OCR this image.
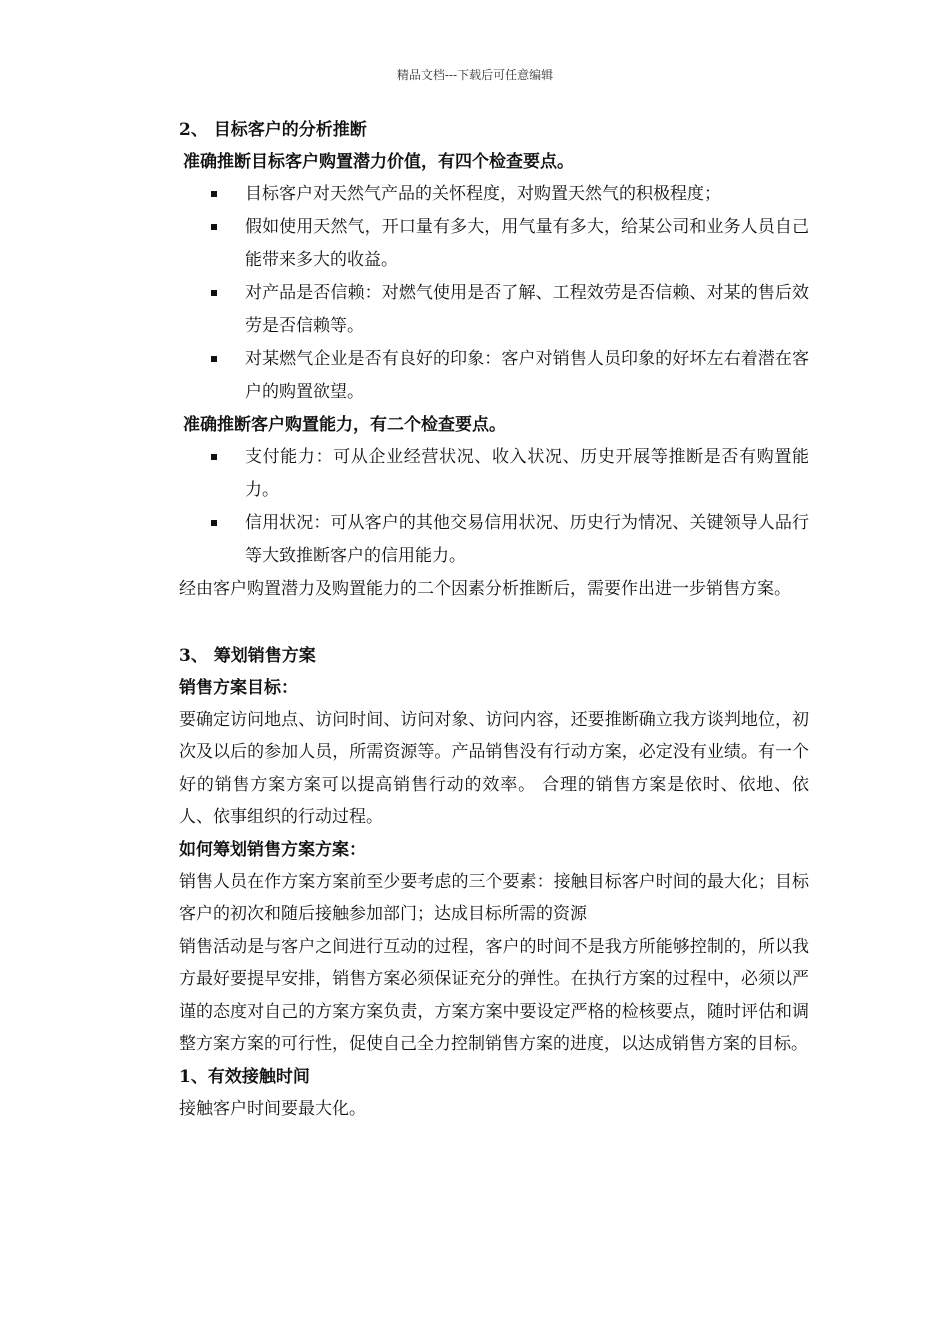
精品文档---下载后可任意编辑
2、 目标客户的分析推断
准确推断目标客户购置潜力价值，有四个检查要点。
目标客户对天然气产品的关怀程度，对购置天然气的积极程度；
假如使用天然气，开口量有多大，用气量有多大，给某公司和业务人员自己能带来多大的收益。
对产品是否信赖：对燃气使用是否了解、工程效劳是否信赖、对某的售后效劳是否信赖等。
对某燃气企业是否有良好的印象：客户对销售人员印象的好坏左右着潜在客户的购置欲望。
准确推断客户购置能力，有二个检查要点。
支付能力：可从企业经营状况、收入状况、历史开展等推断是否有购置能力。
信用状况：可从客户的其他交易信用状况、历史行为情况、关键领导人品行等大致推断客户的信用能力。

经由客户购置潜力及购置能力的二个因素分析推断后，需要作出进一步销售方案。

3、 筹划销售方案
销售方案目标：

要确定访问地点、访问时间、访问对象、访问内容，还要推断确立我方谈判地位，初次及以后的参加人员，所需资源等。产品销售没有行动方案，必定没有业绩。有一个好的销售方案方案可以提高销售行动的效率。 合理的销售方案是依时、依地、依人、依事组织的行动过程。

如何筹划销售方案方案：

销售人员在作方案方案前至少要考虑的三个要素：接触目标客户时间的最大化；目标客户的初次和随后接触参加部门；达成目标所需的资源

销售活动是与客户之间进行互动的过程，客户的时间不是我方所能够控制的，所以我方最好要提早安排，销售方案必须保证充分的弹性。在执行方案的过程中，必须以严谨的态度对自己的方案方案负责，方案方案中要设定严格的检核要点，随时评估和调整方案方案的可行性，促使自己全力控制销售方案的进度，以达成销售方案的目标。

1、有效接触时间

接触客户时间要最大化。
